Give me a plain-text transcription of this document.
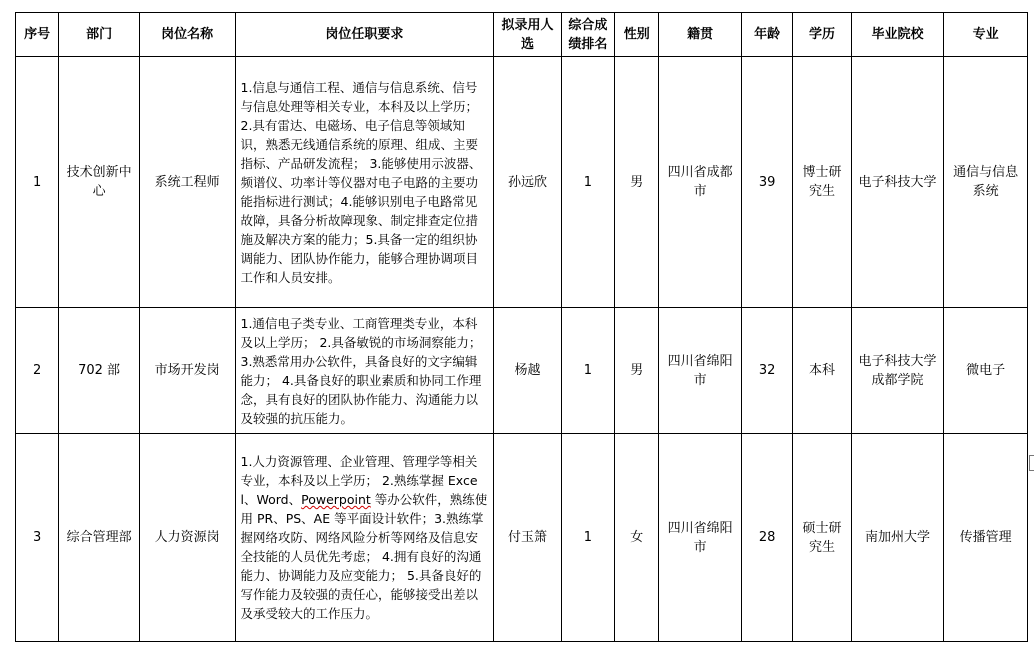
序号	部门	岗位名称	岗位任职要求	拟录用人选	综合成绩排名	性别	籍贯	年龄	学历	毕业院校	专业
1	技术创新中心	系统工程师	1.信息与通信工程、通信与信息系统、信号与信息处理等相关专业，本科及以上学历； 2.具有雷达、电磁场、电子信息等领域知识，熟悉无线通信系统的原理、组成、主要指标、产品研发流程； 3.能够使用示波器、频谱仪、功率计等仪器对电子电路的主要功能指标进行测试；4.能够识别电子电路常见故障，具备分析故障现象、制定排查定位措施及解决方案的能力；5.具备一定的组织协调能力、团队协作能力，能够合理协调项目工作和人员安排。	孙远欣	1	男	四川省成都市	39	博士研究生	电子科技大学	通信与信息系统
2	702 部	市场开发岗	1.通信电子类专业、工商管理类专业，本科及以上学历； 2.具备敏锐的市场洞察能力； 3.熟悉常用办公软件，具备良好的文字编辑能力； 4.具备良好的职业素质和协同工作理念，具有良好的团队协作能力、沟通能力以及较强的抗压能力。	杨越	1	男	四川省绵阳市	32	本科	电子科技大学成都学院	微电子
3	综合管理部	人力资源岗	1.人力资源管理、企业管理、管理学等相关专业，本科及以上学历； 2.熟练掌握 Excel、Word、Powerpoint 等办公软件，熟练使用 PR、PS、AE 等平面设计软件；3.熟练掌握网络攻防、网络风险分析等网络及信息安全技能的人员优先考虑； 4.拥有良好的沟通能力、协调能力及应变能力； 5.具备良好的写作能力及较强的责任心，能够接受出差以及承受较大的工作压力。	付玉箫	1	女	四川省绵阳市	28	硕士研究生	南加州大学	传播管理
